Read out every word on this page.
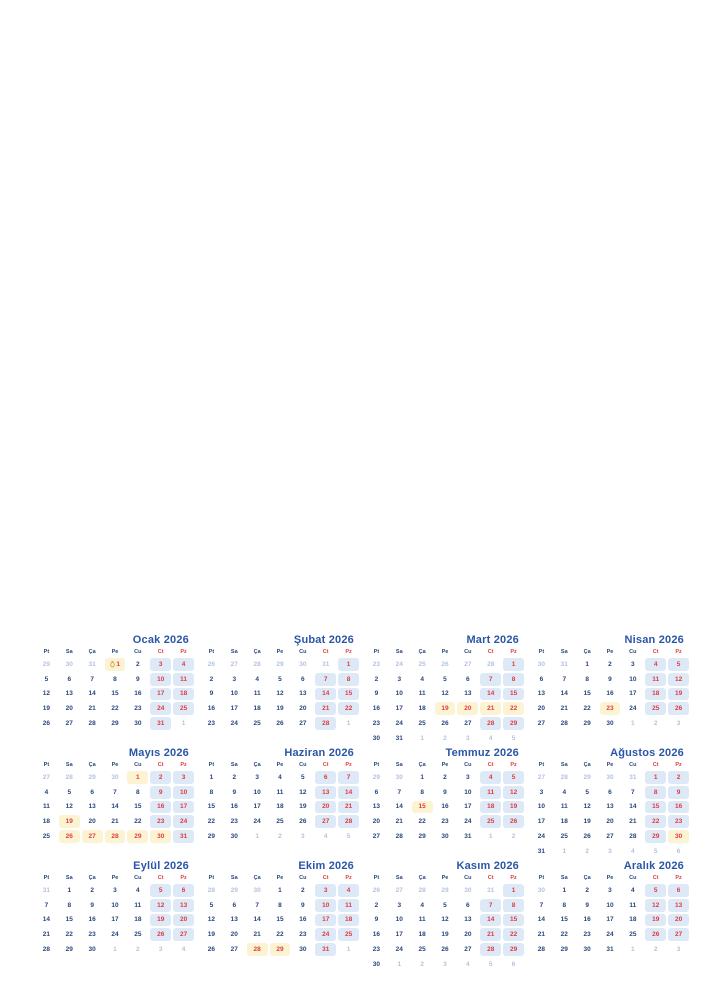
Ocak 2026
Pt	Sa	Ça	Pe	Cu	Ct	Pz
29 30 31	1 2	3	4
5	6	7	8	9	10 11
12 13 14 15 16 17 18
19 20 21 22 23 24 25
26 27 28 29 30 31	1
Şubat 2026
Pt	Sa	Ça	Pe	Cu	Ct	Pz
26 27 28 29 30 31	1
2	3	4	5	6	7	8
9	10 11 12 13 14 15
16 17 18 19 20 21 22
23 24 25 26 27 28	1
Mart 2026
Pt	Sa	Ça	Pe	Cu	Ct	Pz
23 24 25 26 27 28	1
2	3	4	5	6	7	8
9	10 11 12 13 14 15
16 17 18 19 20 21 22
23 24 25 26 27 28 29
30 31	1	2	3	4	5
Nisan 2026
Pt	Sa	Ça	Pe	Cu	Ct	Pz
30 31	1	2	3	4	5
6	7	8	9	10 11 12
13 14 15 16 17 18 19
20 21 22 23 24 25 26
27 28 29 30	1	2	3
Mayıs 2026
Pt	Sa	Ça	Pe	Cu	Ct	Pz
27 28 29 30	1	2	3
4	5	6	7	8	9	10
11 12 13 14 15 16 17
18 19 20 21 22 23 24
25 26 27 28 29 30 31
Haziran 2026
Pt	Sa	Ça	Pe	Cu	Ct	Pz
1	2	3	4	5	6	7
8	9	10 11 12 13 14
15 16 17 18 19 20 21
22 23 24 25 26 27 28
29 30	1	2	3	4	5
Temmuz 2026
Pt	Sa	Ça	Pe	Cu	Ct	Pz
29 30	1	2	3	4	5
6	7	8	9	10 11 12
13 14 15 16 17 18 19
20 21 22 23 24 25 26
27 28 29 30 31	1	2
Ağustos 2026
Pt	Sa	Ça	Pe	Cu	Ct	Pz
27 28 29 30 31	1	2
3	4	5	6	7	8	9
10 11 12 13 14 15 16
17 18 19 20 21 22 23
24 25 26 27 28 29 30
31	1	2	3	4	5	6
Eylül 2026
Pt	Sa	Ça	Pe	Cu	Ct	Pz
31	1	2	3	4	5	6
7	8	9	10 11 12 13
14 15 16 17 18 19 20
21 22 23 24 25 26 27
28 29 30	1	2	3	4
Ekim 2026
Pt	Sa	Ça	Pe	Cu	Ct	Pz
28 29 30	1	2	3	4
5	6	7	8	9	10 11
12 13 14 15 16 17 18
19 20 21 22 23 24 25
26 27 28 29 30 31	1
Kasım 2026
Pt	Sa	Ça	Pe	Cu	Ct	Pz
26 27 28 29 30 31	1
2	3	4	5	6	7	8
9	10 11 12 13 14 15
16 17 18 19 20 21 22
23 24 25 26 27 28 29
30	1	2	3	4	5	6
Aralık 2026
Pt	Sa	Ça	Pe	Cu	Ct	Pz
30	1	2	3	4	5	6
7	8	9	10 11 12 13
14 15 16 17 18 19 20
21 22 23 24 25 26 27
28 29 30 31	1	2	3
